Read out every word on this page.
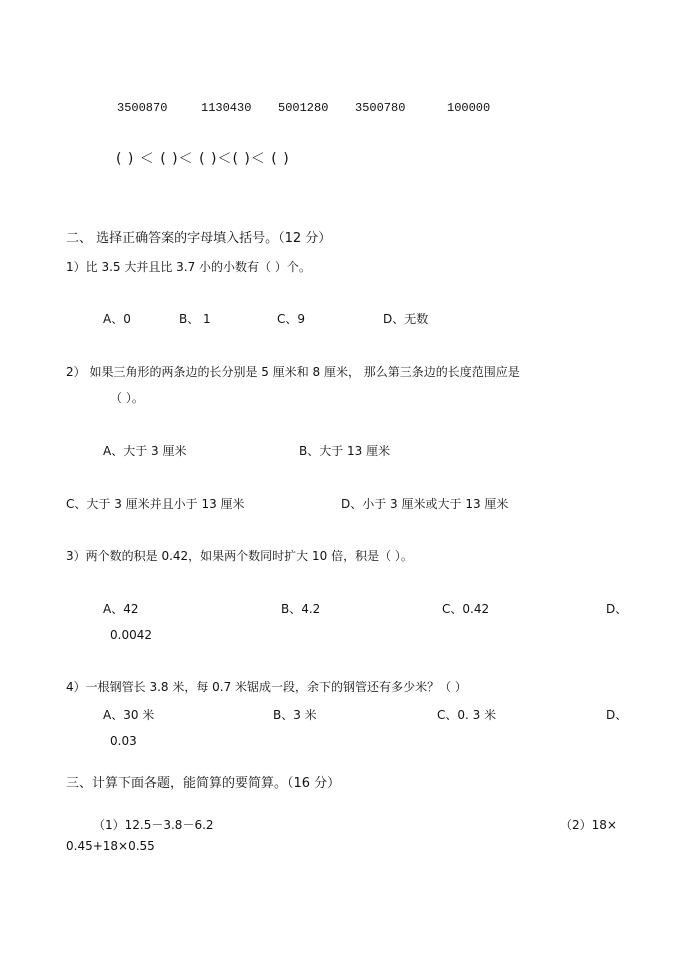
3500870	1130430 5001280 3500780	100000
( ) ＜ ( )＜ ( )＜( )＜ ( )
二、 选择正确答案的字母填入括号。（12 分）
1）比 3.5 大并且比 3.7 小的小数有（ ）个。
A、0	B、 1	C、9	D、无数
2） 如果三角形的两条边的长分别是 5 厘米和 8 厘米， 那么第三条边的长度范围应是
（ ）。
A、大于 3 厘米	B、大于 13 厘米
C、大于 3 厘米并且小于 13 厘米	D、小于 3 厘米或大于 13 厘米
3）两个数的积是 0.42，如果两个数同时扩大 10 倍，积是（ ）。
A、42	B、4.2	C、0.42	D、
0.0042
4）一根钢管长 3.8 米，每 0.7 米锯成一段，余下的钢管还有多少米？（ ）
A、30 米	B、3 米	C、0. 3 米	D、
0.03
三、计算下面各题，能简算的要简算。（16 分）
（1）12.5－3.8－6.2	（2）18×
0.45+18×0.55
